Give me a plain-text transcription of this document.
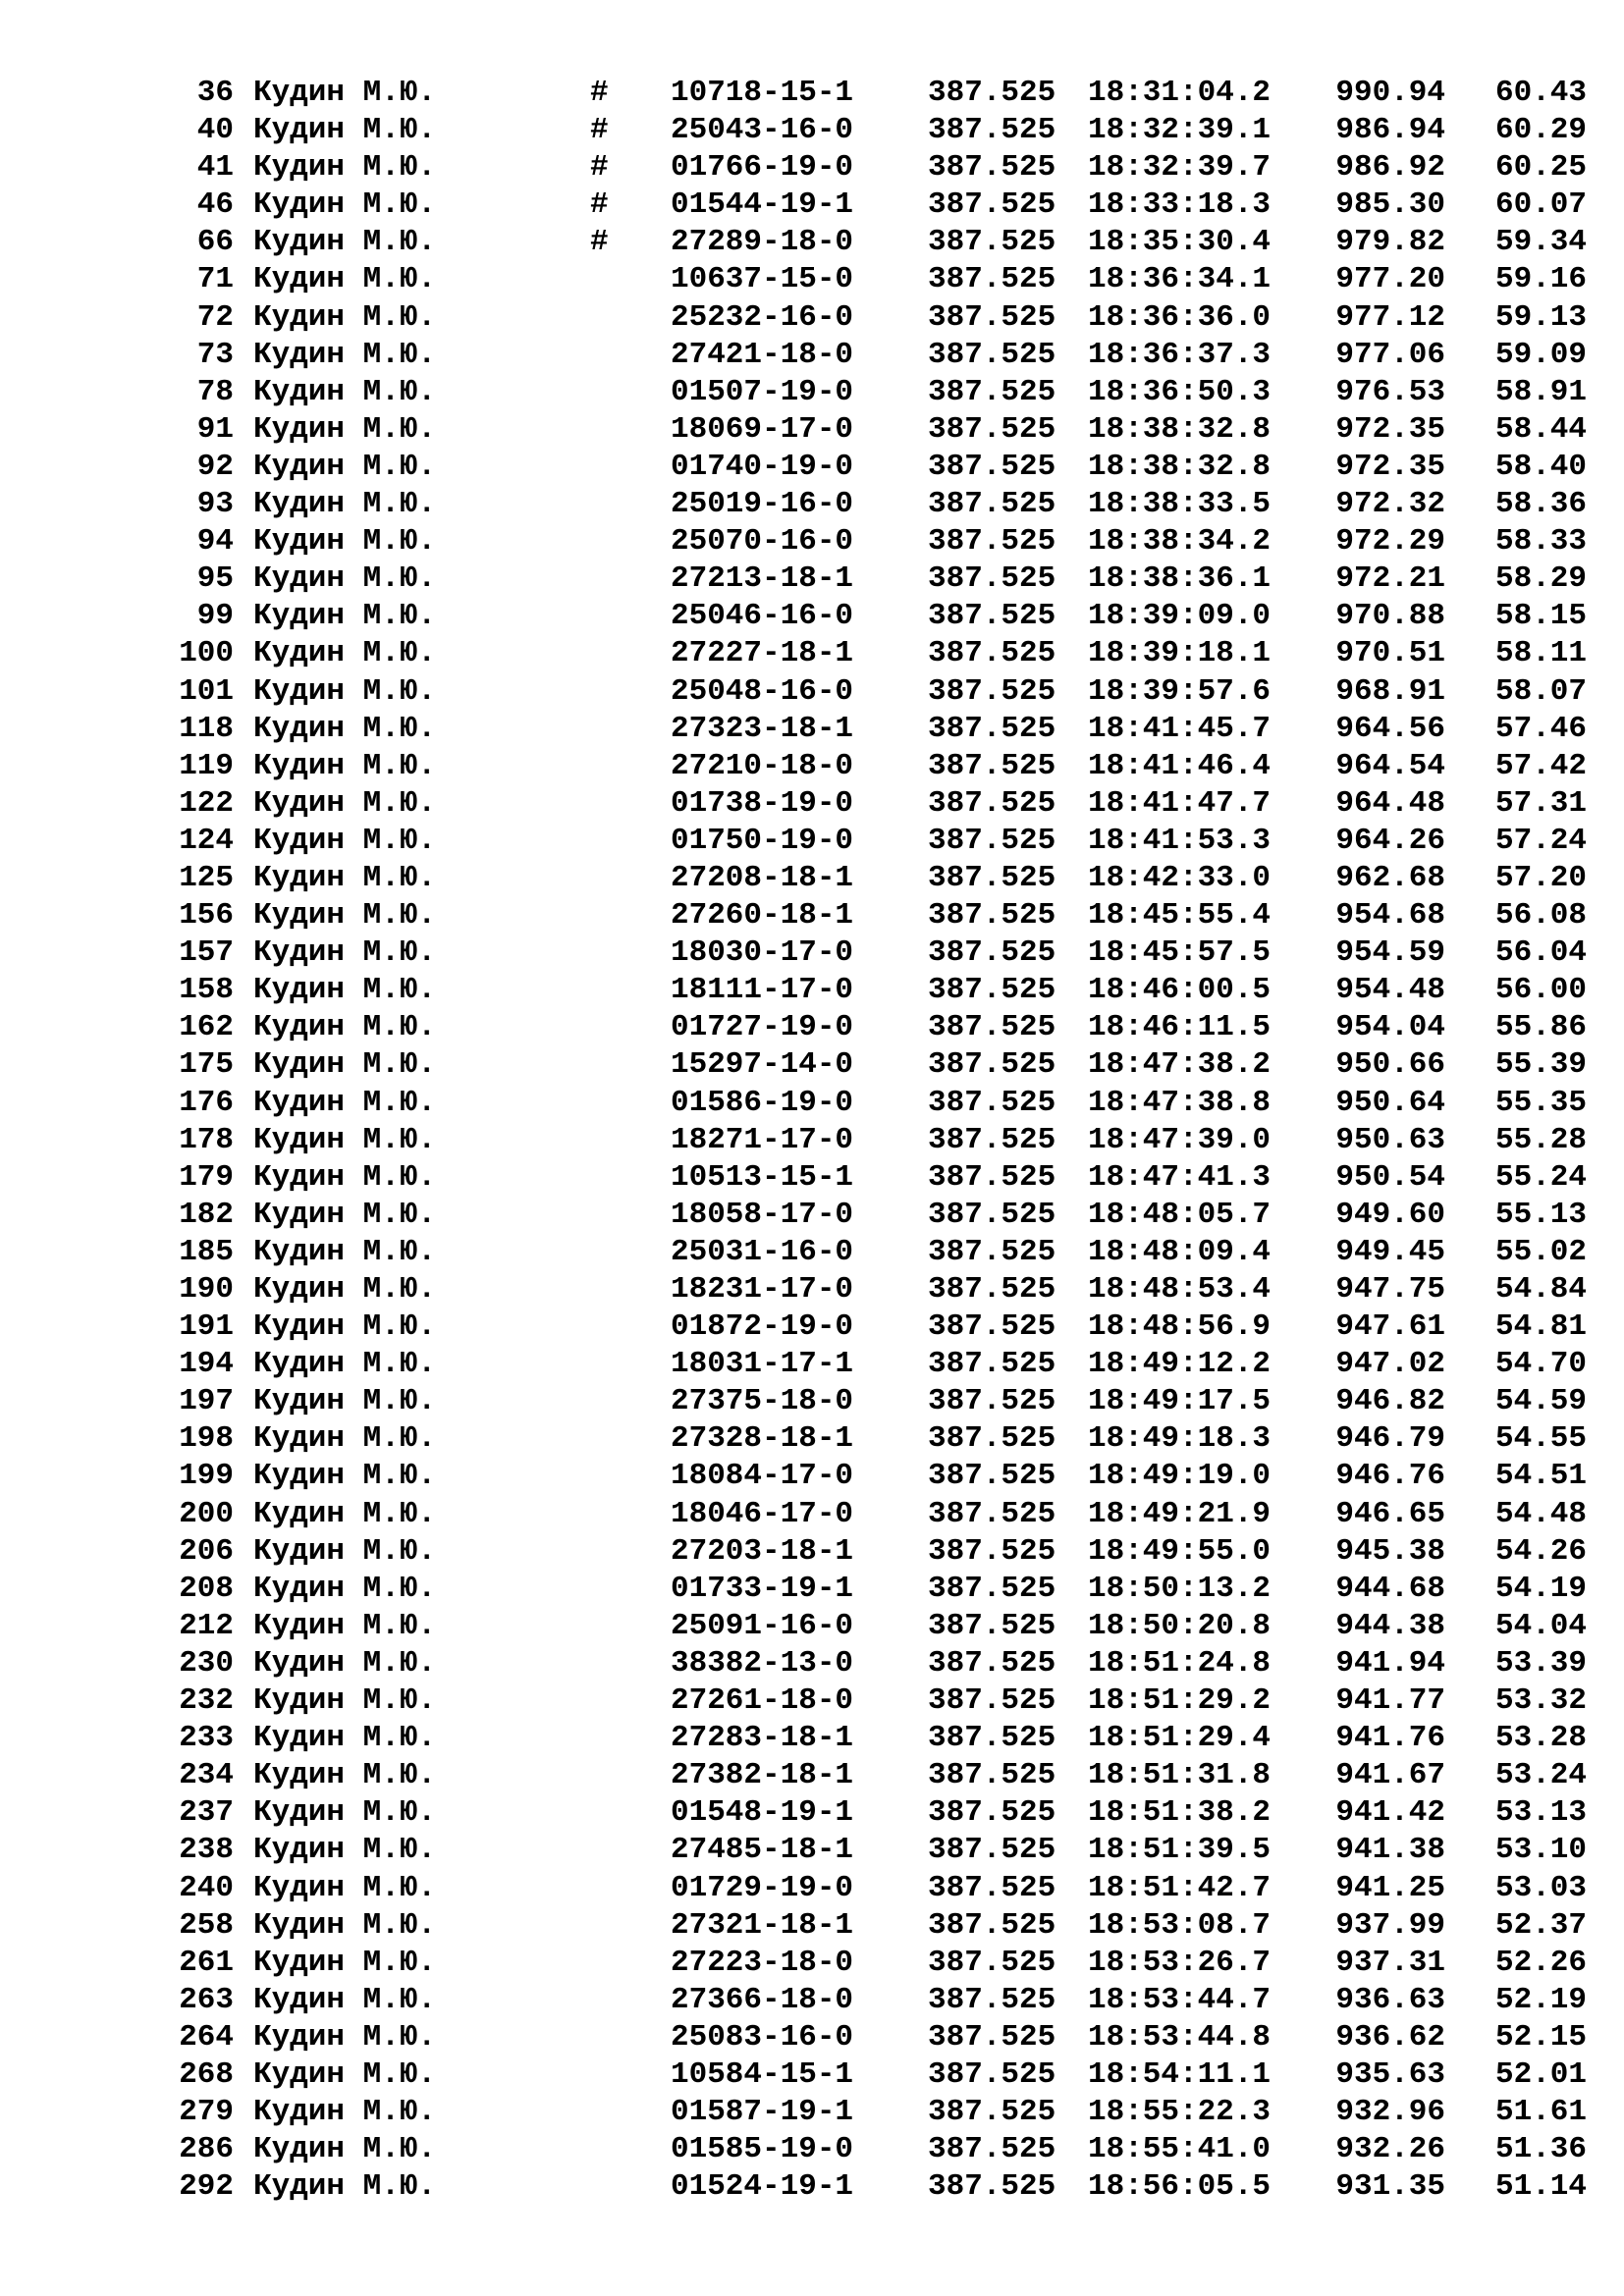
36 Кудин М.Ю.	# 10718-15-1 387.525 18:31:04.2 990.94 60.43
40 Кудин М.Ю.	# 25043-16-0 387.525 18:32:39.1 986.94 60.29
41 Кудин М.Ю.	# 01766-19-0 387.525 18:32:39.7 986.92 60.25
46 Кудин М.Ю.	# 01544-19-1 387.525 18:33:18.3 985.30 60.07
66 Кудин М.Ю.	# 27289-18-0 387.525 18:35:30.4 979.82 59.34
71 Кудин М.Ю.	10637-15-0 387.525 18:36:34.1 977.20 59.16
72 Кудин М.Ю.	25232-16-0 387.525 18:36:36.0 977.12 59.13
73 Кудин М.Ю.	27421-18-0 387.525 18:36:37.3 977.06 59.09
78 Кудин М.Ю.	01507-19-0 387.525 18:36:50.3 976.53 58.91
91 Кудин М.Ю.	18069-17-0 387.525 18:38:32.8 972.35 58.44
92 Кудин М.Ю.	01740-19-0 387.525 18:38:32.8 972.35 58.40
93 Кудин М.Ю.	25019-16-0 387.525 18:38:33.5 972.32 58.36
94 Кудин М.Ю.	25070-16-0 387.525 18:38:34.2 972.29 58.33
95 Кудин М.Ю.	27213-18-1 387.525 18:38:36.1 972.21 58.29
99 Кудин М.Ю.	25046-16-0 387.525 18:39:09.0 970.88 58.15
100 Кудин М.Ю.	27227-18-1 387.525 18:39:18.1 970.51 58.11
101 Кудин М.Ю.	25048-16-0 387.525 18:39:57.6 968.91 58.07
118 Кудин М.Ю.	27323-18-1 387.525 18:41:45.7 964.56 57.46
119 Кудин М.Ю.	27210-18-0 387.525 18:41:46.4 964.54 57.42
122 Кудин М.Ю.	01738-19-0 387.525 18:41:47.7 964.48 57.31
124 Кудин М.Ю.	01750-19-0 387.525 18:41:53.3 964.26 57.24
125 Кудин М.Ю.	27208-18-1 387.525 18:42:33.0 962.68 57.20
156 Кудин М.Ю.	27260-18-1 387.525 18:45:55.4 954.68 56.08
157 Кудин М.Ю.	18030-17-0 387.525 18:45:57.5 954.59 56.04
158 Кудин М.Ю.	18111-17-0 387.525 18:46:00.5 954.48 56.00
162 Кудин М.Ю.	01727-19-0 387.525 18:46:11.5 954.04 55.86
175 Кудин М.Ю.	15297-14-0 387.525 18:47:38.2 950.66 55.39
176 Кудин М.Ю.	01586-19-0 387.525 18:47:38.8 950.64 55.35
178 Кудин М.Ю.	18271-17-0 387.525 18:47:39.0 950.63 55.28
179 Кудин М.Ю.	10513-15-1 387.525 18:47:41.3 950.54 55.24
182 Кудин М.Ю.	18058-17-0 387.525 18:48:05.7 949.60 55.13
185 Кудин М.Ю.	25031-16-0 387.525 18:48:09.4 949.45 55.02
190 Кудин М.Ю.	18231-17-0 387.525 18:48:53.4 947.75 54.84
191 Кудин М.Ю.	01872-19-0 387.525 18:48:56.9 947.61 54.81
194 Кудин М.Ю.	18031-17-1 387.525 18:49:12.2 947.02 54.70
197 Кудин М.Ю.	27375-18-0 387.525 18:49:17.5 946.82 54.59
198 Кудин М.Ю.	27328-18-1 387.525 18:49:18.3 946.79 54.55
199 Кудин М.Ю.	18084-17-0 387.525 18:49:19.0 946.76 54.51
200 Кудин М.Ю.	18046-17-0 387.525 18:49:21.9 946.65 54.48
206 Кудин М.Ю.	27203-18-1 387.525 18:49:55.0 945.38 54.26
208 Кудин М.Ю.	01733-19-1 387.525 18:50:13.2 944.68 54.19
212 Кудин М.Ю.	25091-16-0 387.525 18:50:20.8 944.38 54.04
230 Кудин М.Ю.	38382-13-0 387.525 18:51:24.8 941.94 53.39
232 Кудин М.Ю.	27261-18-0 387.525 18:51:29.2 941.77 53.32
233 Кудин М.Ю.	27283-18-1 387.525 18:51:29.4 941.76 53.28
234 Кудин М.Ю.	27382-18-1 387.525 18:51:31.8 941.67 53.24
237 Кудин М.Ю.	01548-19-1 387.525 18:51:38.2 941.42 53.13
238 Кудин М.Ю.	27485-18-1 387.525 18:51:39.5 941.38 53.10
240 Кудин М.Ю.	01729-19-0 387.525 18:51:42.7 941.25 53.03
258 Кудин М.Ю.	27321-18-1 387.525 18:53:08.7 937.99 52.37
261 Кудин М.Ю.	27223-18-0 387.525 18:53:26.7 937.31 52.26
263 Кудин М.Ю.	27366-18-0 387.525 18:53:44.7 936.63 52.19
264 Кудин М.Ю.	25083-16-0 387.525 18:53:44.8 936.62 52.15
268 Кудин М.Ю.	10584-15-1 387.525 18:54:11.1 935.63 52.01
279 Кудин М.Ю.	01587-19-1 387.525 18:55:22.3 932.96 51.61
286 Кудин М.Ю.	01585-19-0 387.525 18:55:41.0 932.26 51.36
292 Кудин М.Ю.	01524-19-1 387.525 18:56:05.5 931.35 51.14
